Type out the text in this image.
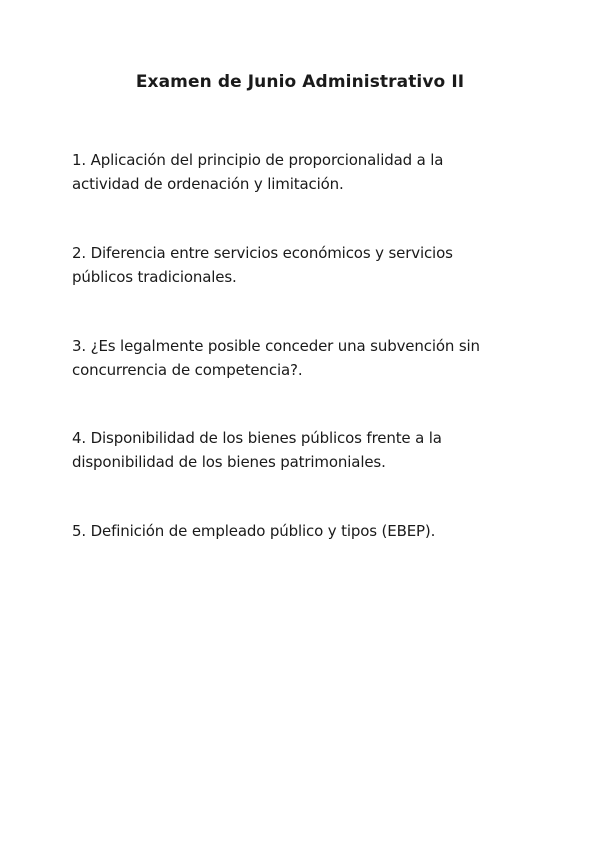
Examen de Junio Administrativo II

1. Aplicación del principio de proporcionalidad a la actividad de ordenación y limitación.

2. Diferencia entre servicios económicos y servicios públicos tradicionales.

3. ¿Es legalmente posible conceder una subvención sin concurrencia de competencia?.

4. Disponibilidad de los bienes públicos frente a la disponibilidad de los bienes patrimoniales.

5. Definición de empleado público y tipos (EBEP).
